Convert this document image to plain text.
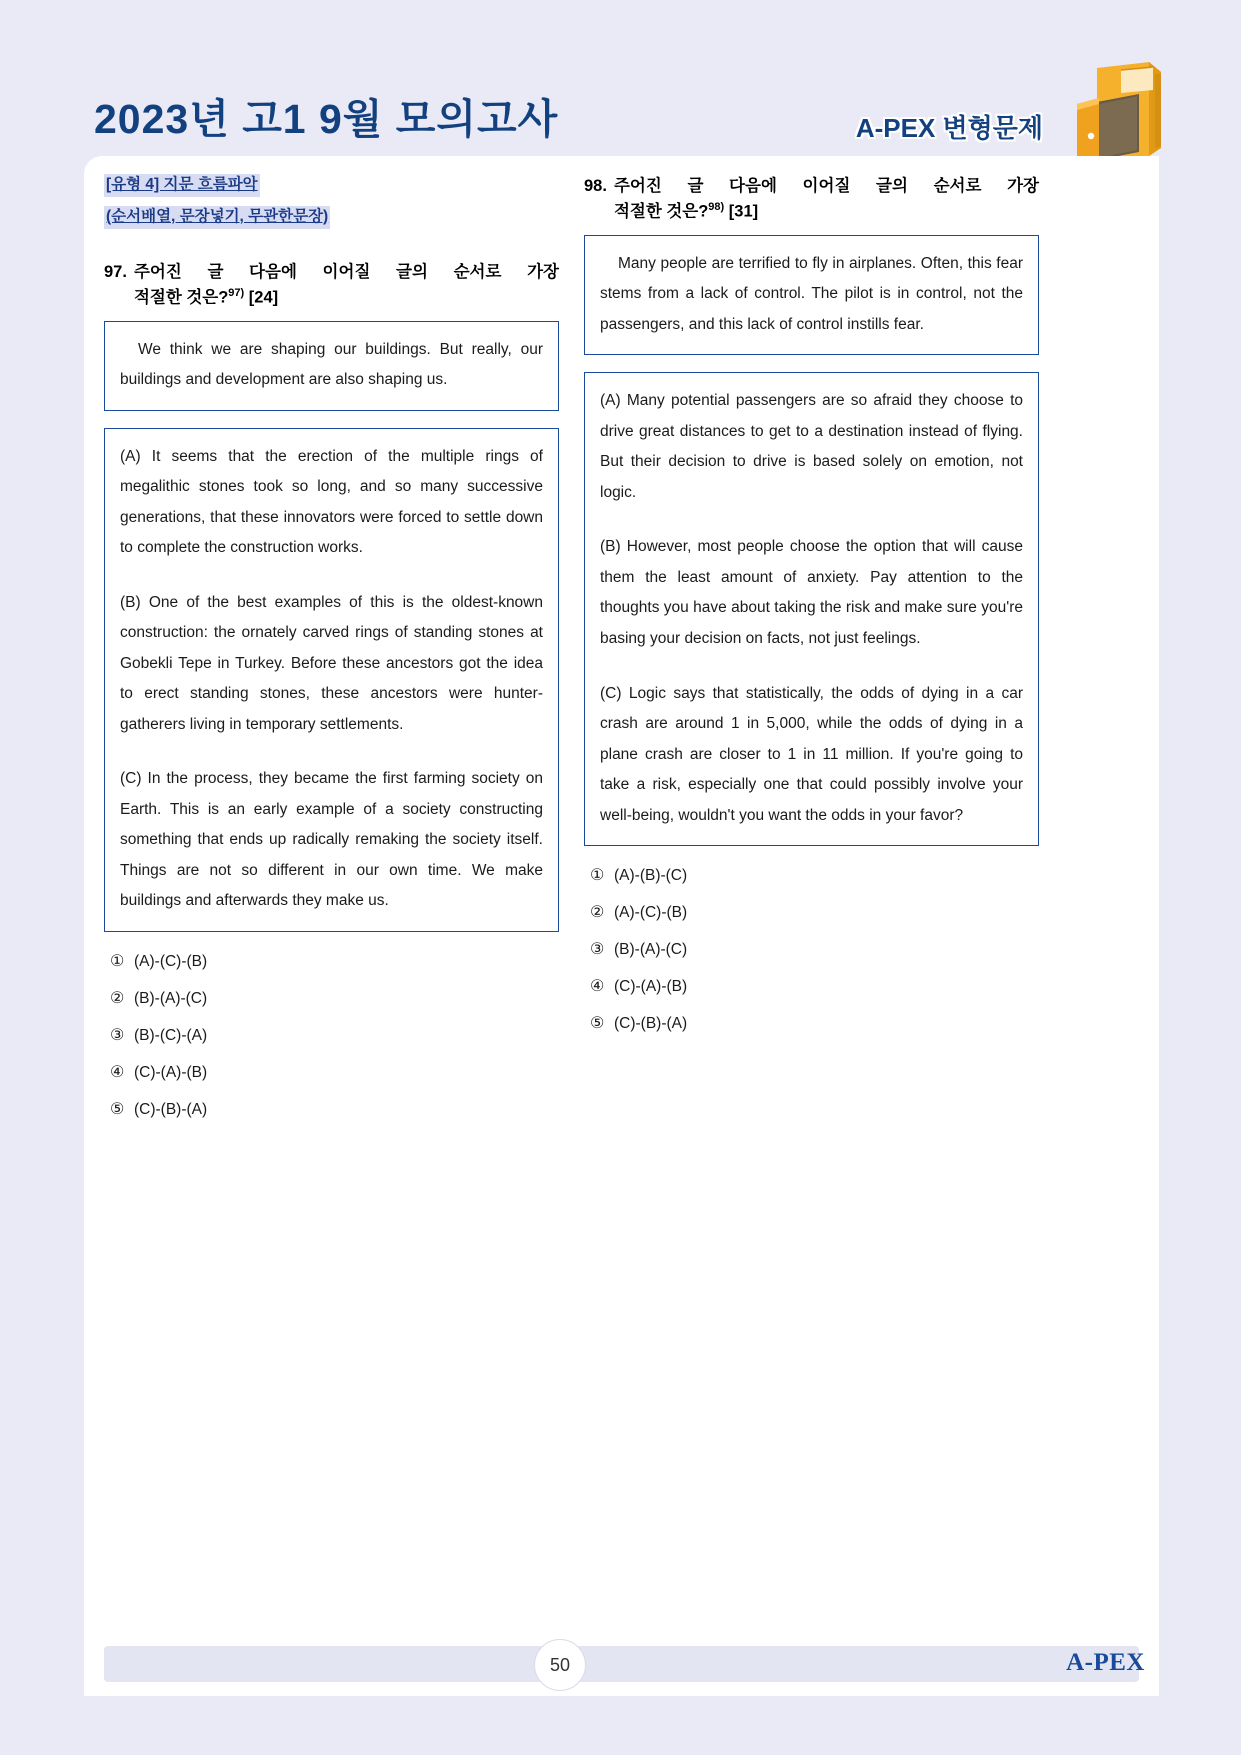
2023년 고1 9월 모의고사	A-PEX 변형문제
[유형 4] 지문 흐름파악
(순서배열, 문장넣기, 무관한문장)
97. 주어진 글 다음에 이어질 글의 순서로 가장
적절한 것은?$^{97)}$ [24]

We think we are shaping our buildings. But really, our buildings and development are also shaping us.

(A) It seems that the erection of the multiple rings of megalithic stones took so long, and so many successive generations, that these innovators were forced to settle down to complete the construction works.

(B) One of the best examples of this is the oldest-known construction: the ornately carved rings of standing stones at Gobekli Tepe in Turkey. Before these ancestors got the idea to erect standing stones, these ancestors were hunter-gatherers living in temporary settlements.

(C) In the process, they became the first farming society on Earth. This is an early example of a society constructing something that ends up radically remaking the society itself. Things are not so different in our own time. We make buildings and afterwards they make us.

① (A)-(C)-(B)
② (B)-(A)-(C)
③ (B)-(C)-(A)
④ (C)-(A)-(B)
⑤ (C)-(B)-(A)
98. 주어진 글 다음에 이어질 글의 순서로 가장
적절한 것은?$^{98)}$ [31]

Many people are terrified to fly in airplanes. Often, this fear stems from a lack of control. The pilot is in control, not the passengers, and this lack of control instills fear.

(A) Many potential passengers are so afraid they choose to drive great distances to get to a destination instead of flying. But their decision to drive is based solely on emotion, not logic.

(B) However, most people choose the option that will cause them the least amount of anxiety. Pay attention to the thoughts you have about taking the risk and make sure you're basing your decision on facts, not just feelings.

(C) Logic says that statistically, the odds of dying in a car crash are around 1 in 5,000, while the odds of dying in a plane crash are closer to 1 in 11 million. If you're going to take a risk, especially one that could possibly involve your well-being, wouldn't you want the odds in your favor?

① (A)-(B)-(C)
② (A)-(C)-(B)
③ (B)-(A)-(C)
④ (C)-(A)-(B)
⑤ (C)-(B)-(A)
50	A-PEX
